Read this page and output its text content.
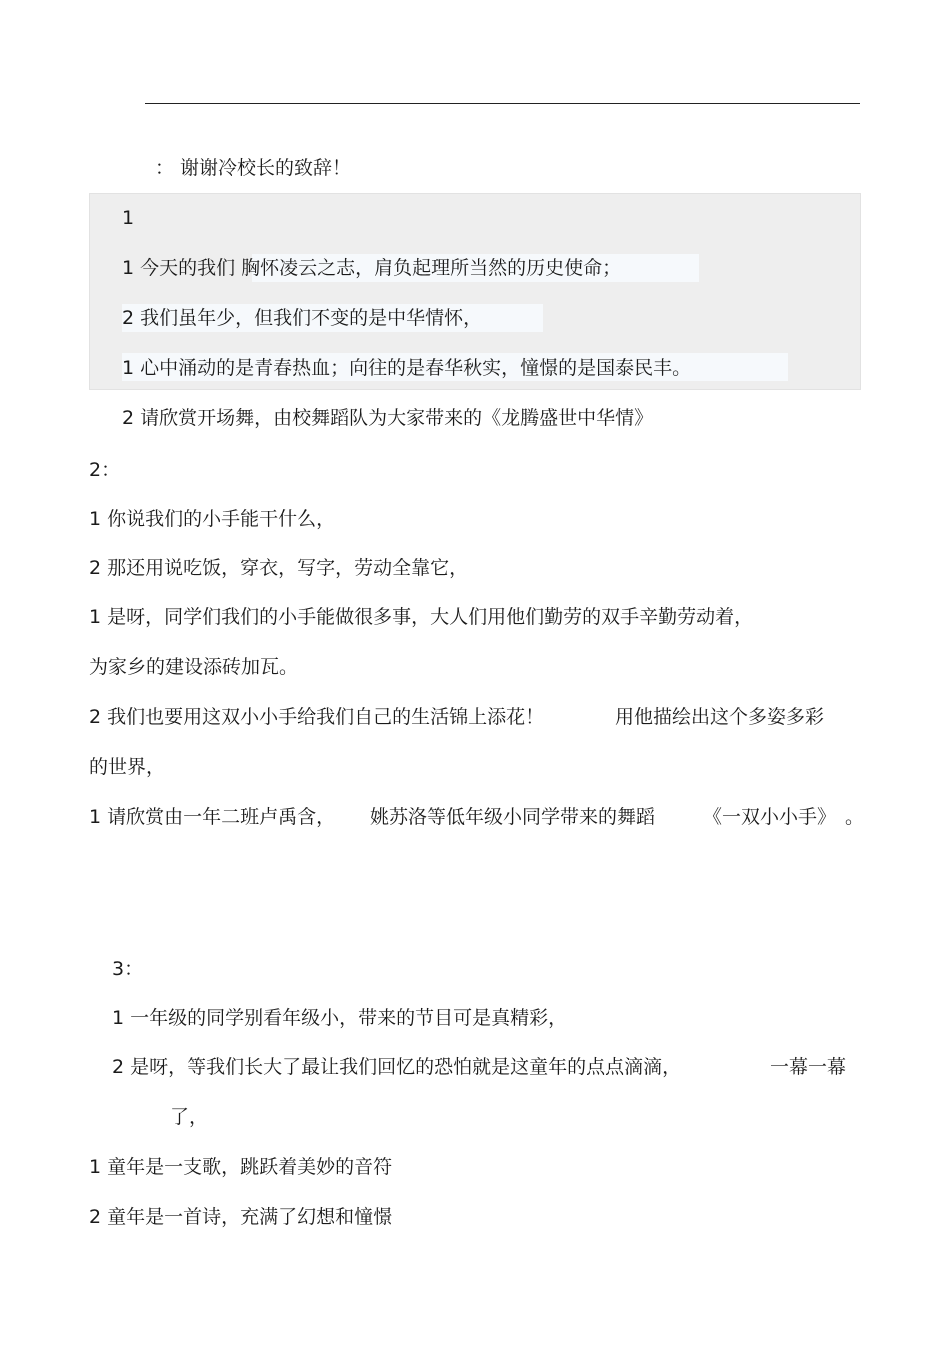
： 谢谢冷校长的致辞！
1
1 今天的我们 胸怀凌云之志，肩负起理所当然的历史使命；
2 我们虽年少，但我们不变的是中华情怀，
1 心中涌动的是青春热血；向往的是春华秋实，憧憬的是国泰民丰。
2 请欣赏开场舞，由校舞蹈队为大家带来的《龙腾盛世中华情》
2：
1 你说我们的小手能干什么，
2 那还用说吃饭，穿衣，写字，劳动全靠它，
1 是呀，同学们我们的小手能做很多事，大人们用他们勤劳的双手辛勤劳动着，
为家乡的建设添砖加瓦。
2 我们也要用这双小小手给我们自己的生活锦上添花！	用他描绘出这个多姿多彩
的世界，
1 请欣赏由一年二班卢禹含， 姚苏洛等低年级小同学带来的舞蹈	《一双小小手》 。
3：
1 一年级的同学别看年级小，带来的节目可是真精彩，
2 是呀，等我们长大了最让我们回忆的恐怕就是这童年的点点滴滴，	一幕一幕
了，
1 童年是一支歌，跳跃着美妙的音符
2 童年是一首诗，充满了幻想和憧憬
